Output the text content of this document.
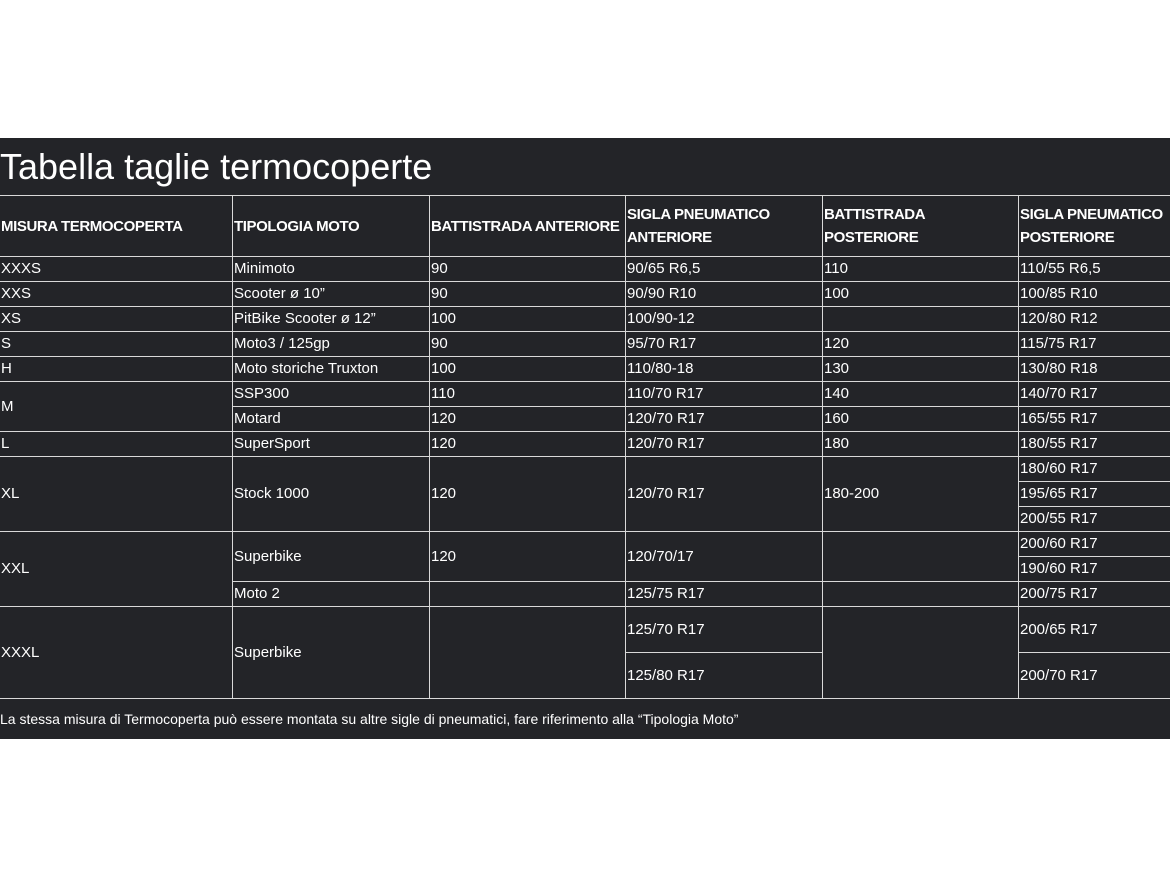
Tabella taglie termocoperte
MISURA TERMOCOPERTA	TIPOLOGIA MOTO	BATTISTRADA ANTERIORE	SIGLA PNEUMATICO ANTERIORE	BATTISTRADA POSTERIORE	SIGLA PNEUMATICO POSTERIORE
XXXS	Minimoto	90	90/65 R6,5	110	110/55 R6,5
XXS	Scooter ø 10”	90	90/90 R10	100	100/85 R10
XS	PitBike Scooter ø 12”	100	100/90-12		120/80 R12
S	Moto3 / 125gp	90	95/70 R17	120	115/75 R17
H	Moto storiche Truxton	100	110/80-18	130	130/80 R18
M	SSP300	110	110/70 R17	140	140/70 R17
	Motard	120	120/70 R17	160	165/55 R17
L	SuperSport	120	120/70 R17	180	180/55 R17
XL	Stock 1000	120	120/70 R17	180-200	180/60 R17
					195/65 R17
					200/55 R17
XXL	Superbike	120	120/70/17		200/60 R17
					190/60 R17
	Moto 2		125/75 R17		200/75 R17
XXXL	Superbike		125/70 R17		200/65 R17
			125/80 R17		200/70 R17

La stessa misura di Termocoperta può essere montata su altre sigle di pneumatici, fare riferimento alla “Tipologia Moto”
